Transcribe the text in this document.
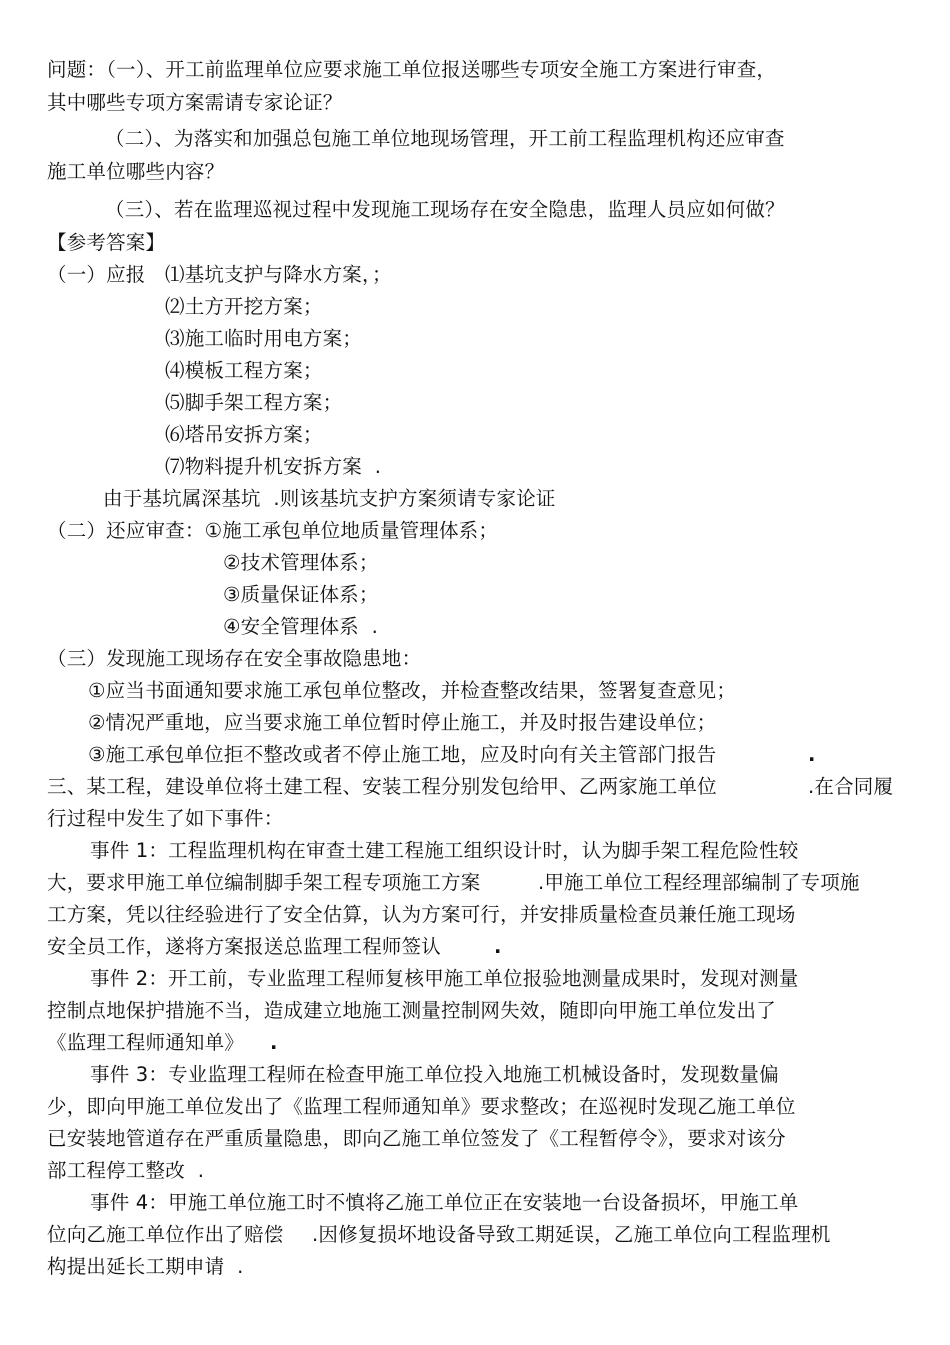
问题：（一）、开工前监理单位应要求施工单位报送哪些专项安全施工方案进行审查，
其中哪些专项方案需请专家论证？
（二）、为落实和加强总包施工单位地现场管理，开工前工程监理机构还应审查
施工单位哪些内容？
（三）、若在监理巡视过程中发现施工现场存在安全隐患，监理人员应如何做？
【参考答案】
（一）应报 ⑴基坑支护与降水方案，；
⑵土方开挖方案；
⑶施工临时用电方案；
⑷模板工程方案；
⑸脚手架工程方案；
⑹塔吊安拆方案；
⑺物料提升机安拆方案  .
由于基坑属深基坑  .则该基坑支护方案须请专家论证
（二）还应审查：①施工承包单位地质量管理体系；
②技术管理体系；
③质量保证体系；
④安全管理体系  .
（三）发现施工现场存在安全事故隐患地：
①应当书面通知要求施工承包单位整改，并检查整改结果，签署复查意见；
②情况严重地，应当要求施工单位暂时停止施工，并及时报告建设单位；
③施工承包单位拒不整改或者不停止施工地，应及时向有关主管部门报告	.
三、某工程，建设单位将土建工程、安装工程分别发包给甲、乙两家施工单位	.在合同履
行过程中发生了如下事件：
事件 1：工程监理机构在审查土建工程施工组织设计时，认为脚手架工程危险性较
大，要求甲施工单位编制脚手架工程专项施工方案	.甲施工单位工程经理部编制了专项施
工方案，凭以往经验进行了安全估算，认为方案可行，并安排质量检查员兼任施工现场
安全员工作，遂将方案报送总监理工程师签认	.
事件 2：开工前，专业监理工程师复核甲施工单位报验地测量成果时，发现对测量
控制点地保护措施不当，造成建立地施工测量控制网失效，随即向甲施工单位发出了
《监理工程师通知单》 .
事件 3：专业监理工程师在检查甲施工单位投入地施工机械设备时，发现数量偏
少，即向甲施工单位发出了《监理工程师通知单》要求整改；在巡视时发现乙施工单位
已安装地管道存在严重质量隐患，即向乙施工单位签发了《工程暂停令》，要求对该分
部工程停工整改  .
事件 4：甲施工单位施工时不慎将乙施工单位正在安装地一台设备损坏，甲施工单
位向乙施工单位作出了赔偿 .因修复损坏地设备导致工期延误，乙施工单位向工程监理机
构提出延长工期申请  .
